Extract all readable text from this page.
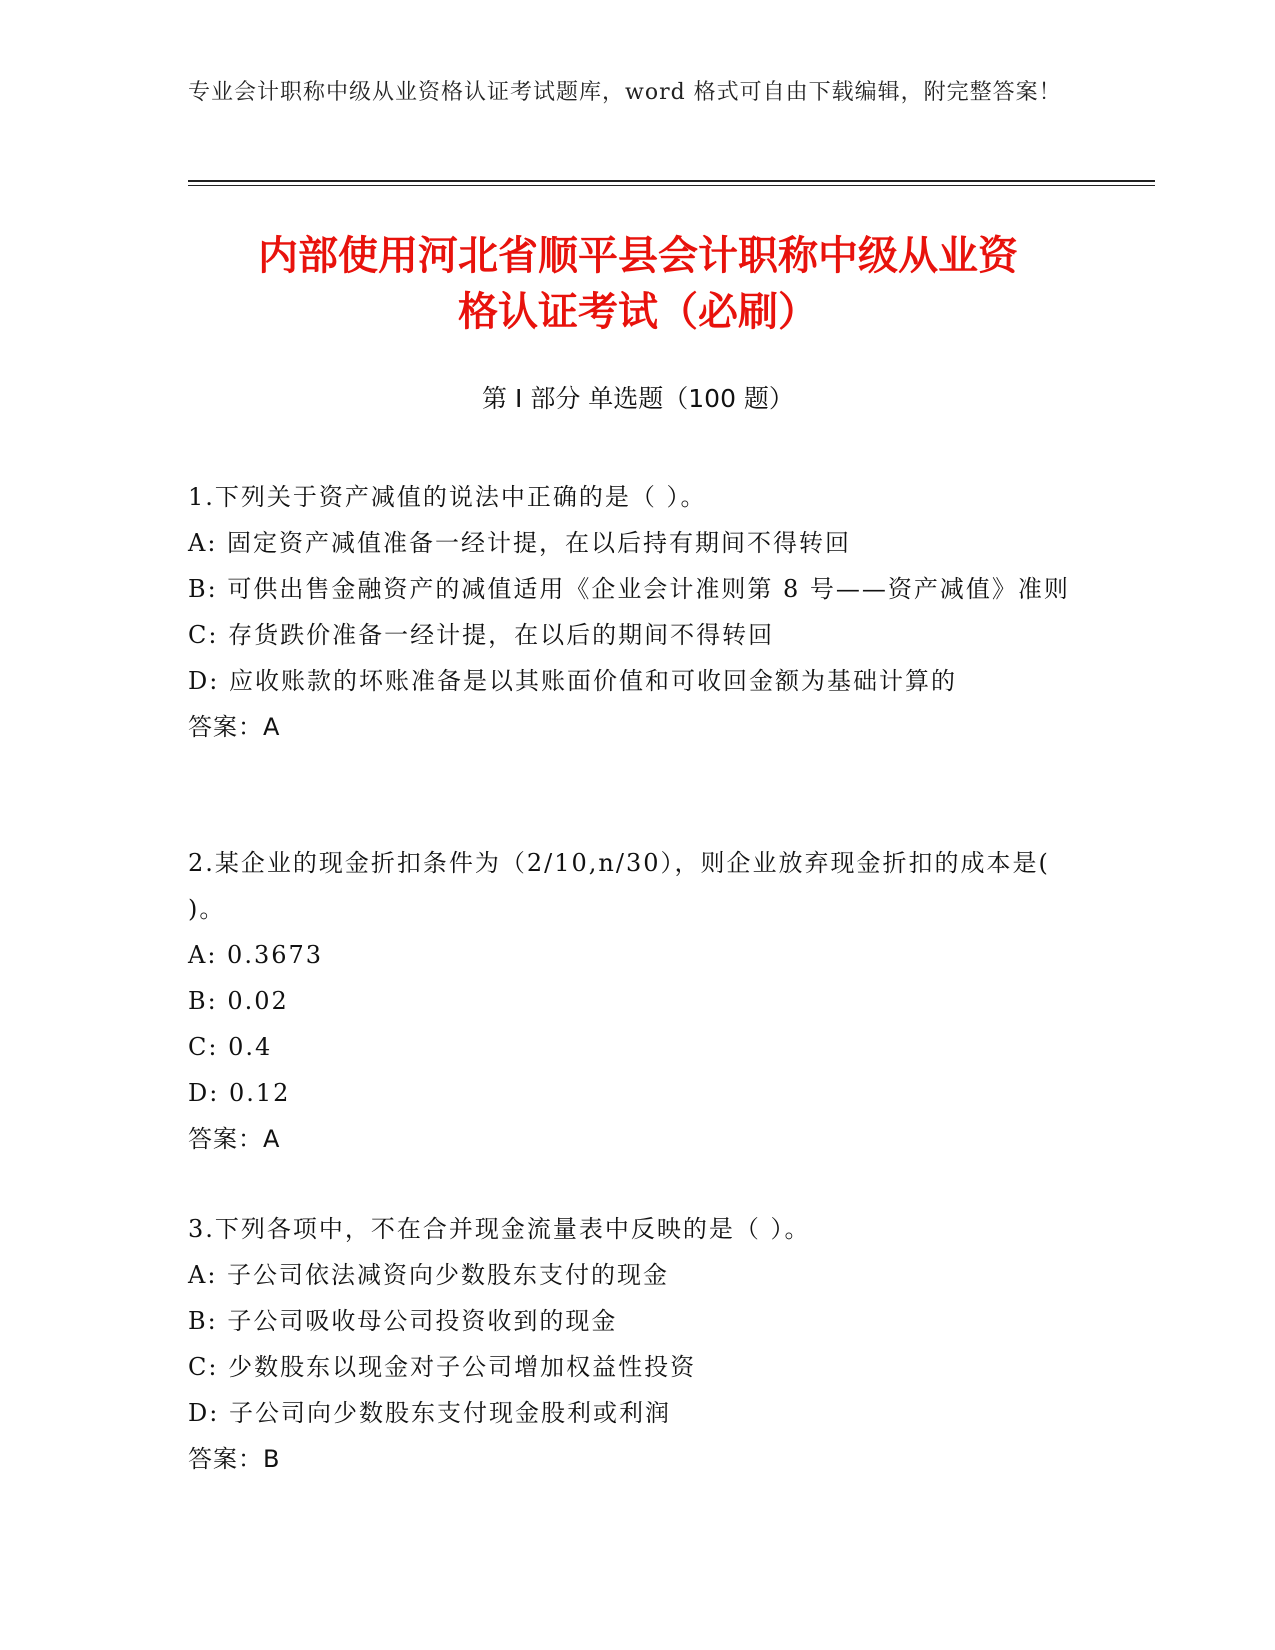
专业会计职称中级从业资格认证考试题库，word 格式可自由下载编辑，附完整答案！
内部使用河北省顺平县会计职称中级从业资
格认证考试（必刷）
第 I 部分 单选题（100 题）
1.下列关于资产减值的说法中正确的是（ ）。
A: 固定资产减值准备一经计提，在以后持有期间不得转回
B: 可供出售金融资产的减值适用《企业会计准则第 8 号——资产减值》准则
C: 存货跌价准备一经计提，在以后的期间不得转回
D: 应收账款的坏账准备是以其账面价值和可收回金额为基础计算的
答案：A
2.某企业的现金折扣条件为（2/10,n/30），则企业放弃现金折扣的成本是( )。
A: 0.3673
B: 0.02
C: 0.4
D: 0.12
答案：A
3.下列各项中，不在合并现金流量表中反映的是（ ）。
A: 子公司依法减资向少数股东支付的现金
B: 子公司吸收母公司投资收到的现金
C: 少数股东以现金对子公司增加权益性投资
D: 子公司向少数股东支付现金股利或利润
答案：B
